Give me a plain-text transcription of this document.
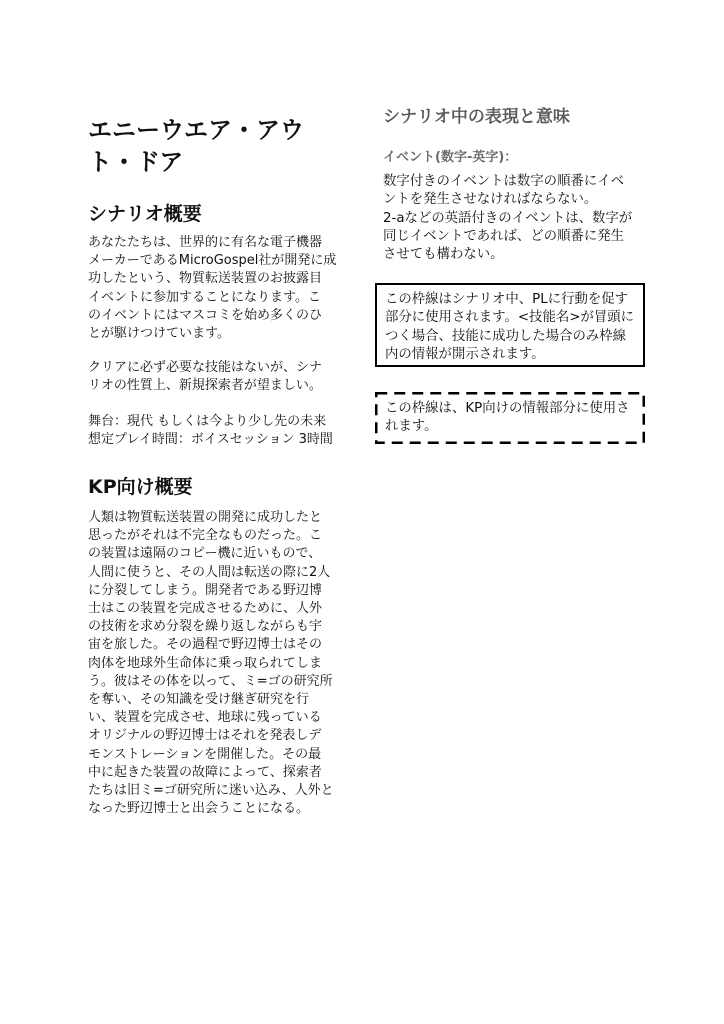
エニーウエア・アウト・ドア
シナリオ概要

あなたたちは、世界的に有名な電子機器
メーカーであるMicroGospel社が開発に成
功したという、物質転送装置のお披露目
イベントに参加することになります。こ
のイベントにはマスコミを始め多くのひ
とが駆けつけています。

クリアに必ず必要な技能はないが、シナ
リオの性質上、新規探索者が望ましい。

舞台：現代 もしくは今より少し先の未来

想定プレイ時間：ボイスセッション 3時間

KP向け概要

人類は物質転送装置の開発に成功したと
思ったがそれは不完全なものだった。こ
の装置は遠隔のコピー機に近いもので、
人間に使うと、その人間は転送の際に2人
に分裂してしまう。開発者である野辺博
士はこの装置を完成させるために、人外
の技術を求め分裂を繰り返しながらも宇
宙を旅した。その過程で野辺博士はその
肉体を地球外生命体に乗っ取られてしま
う。彼はその体を以って、ミ=ゴの研究所
を奪い、その知識を受け継ぎ研究を行
い、装置を完成させ、地球に残っている
オリジナルの野辺博士はそれを発表しデ
モンストレーションを開催した。その最
中に起きた装置の故障によって、探索者
たちは旧ミ=ゴ研究所に迷い込み、人外と
なった野辺博士と出会うことになる。

シナリオ中の表現と意味
イベント(数字-英字)：

数字付きのイベントは数字の順番にイベ
ントを発生させなければならない。
2-aなどの英語付きのイベントは、数字が
同じイベントであれば、どの順番に発生
させても構わない。

この枠線はシナリオ中、PLに行動を促す
部分に使用されます。<技能名>が冒頭に
つく場合、技能に成功した場合のみ枠線
内の情報が開示されます。

この枠線は、KP向けの情報部分に使用さ
れます。
